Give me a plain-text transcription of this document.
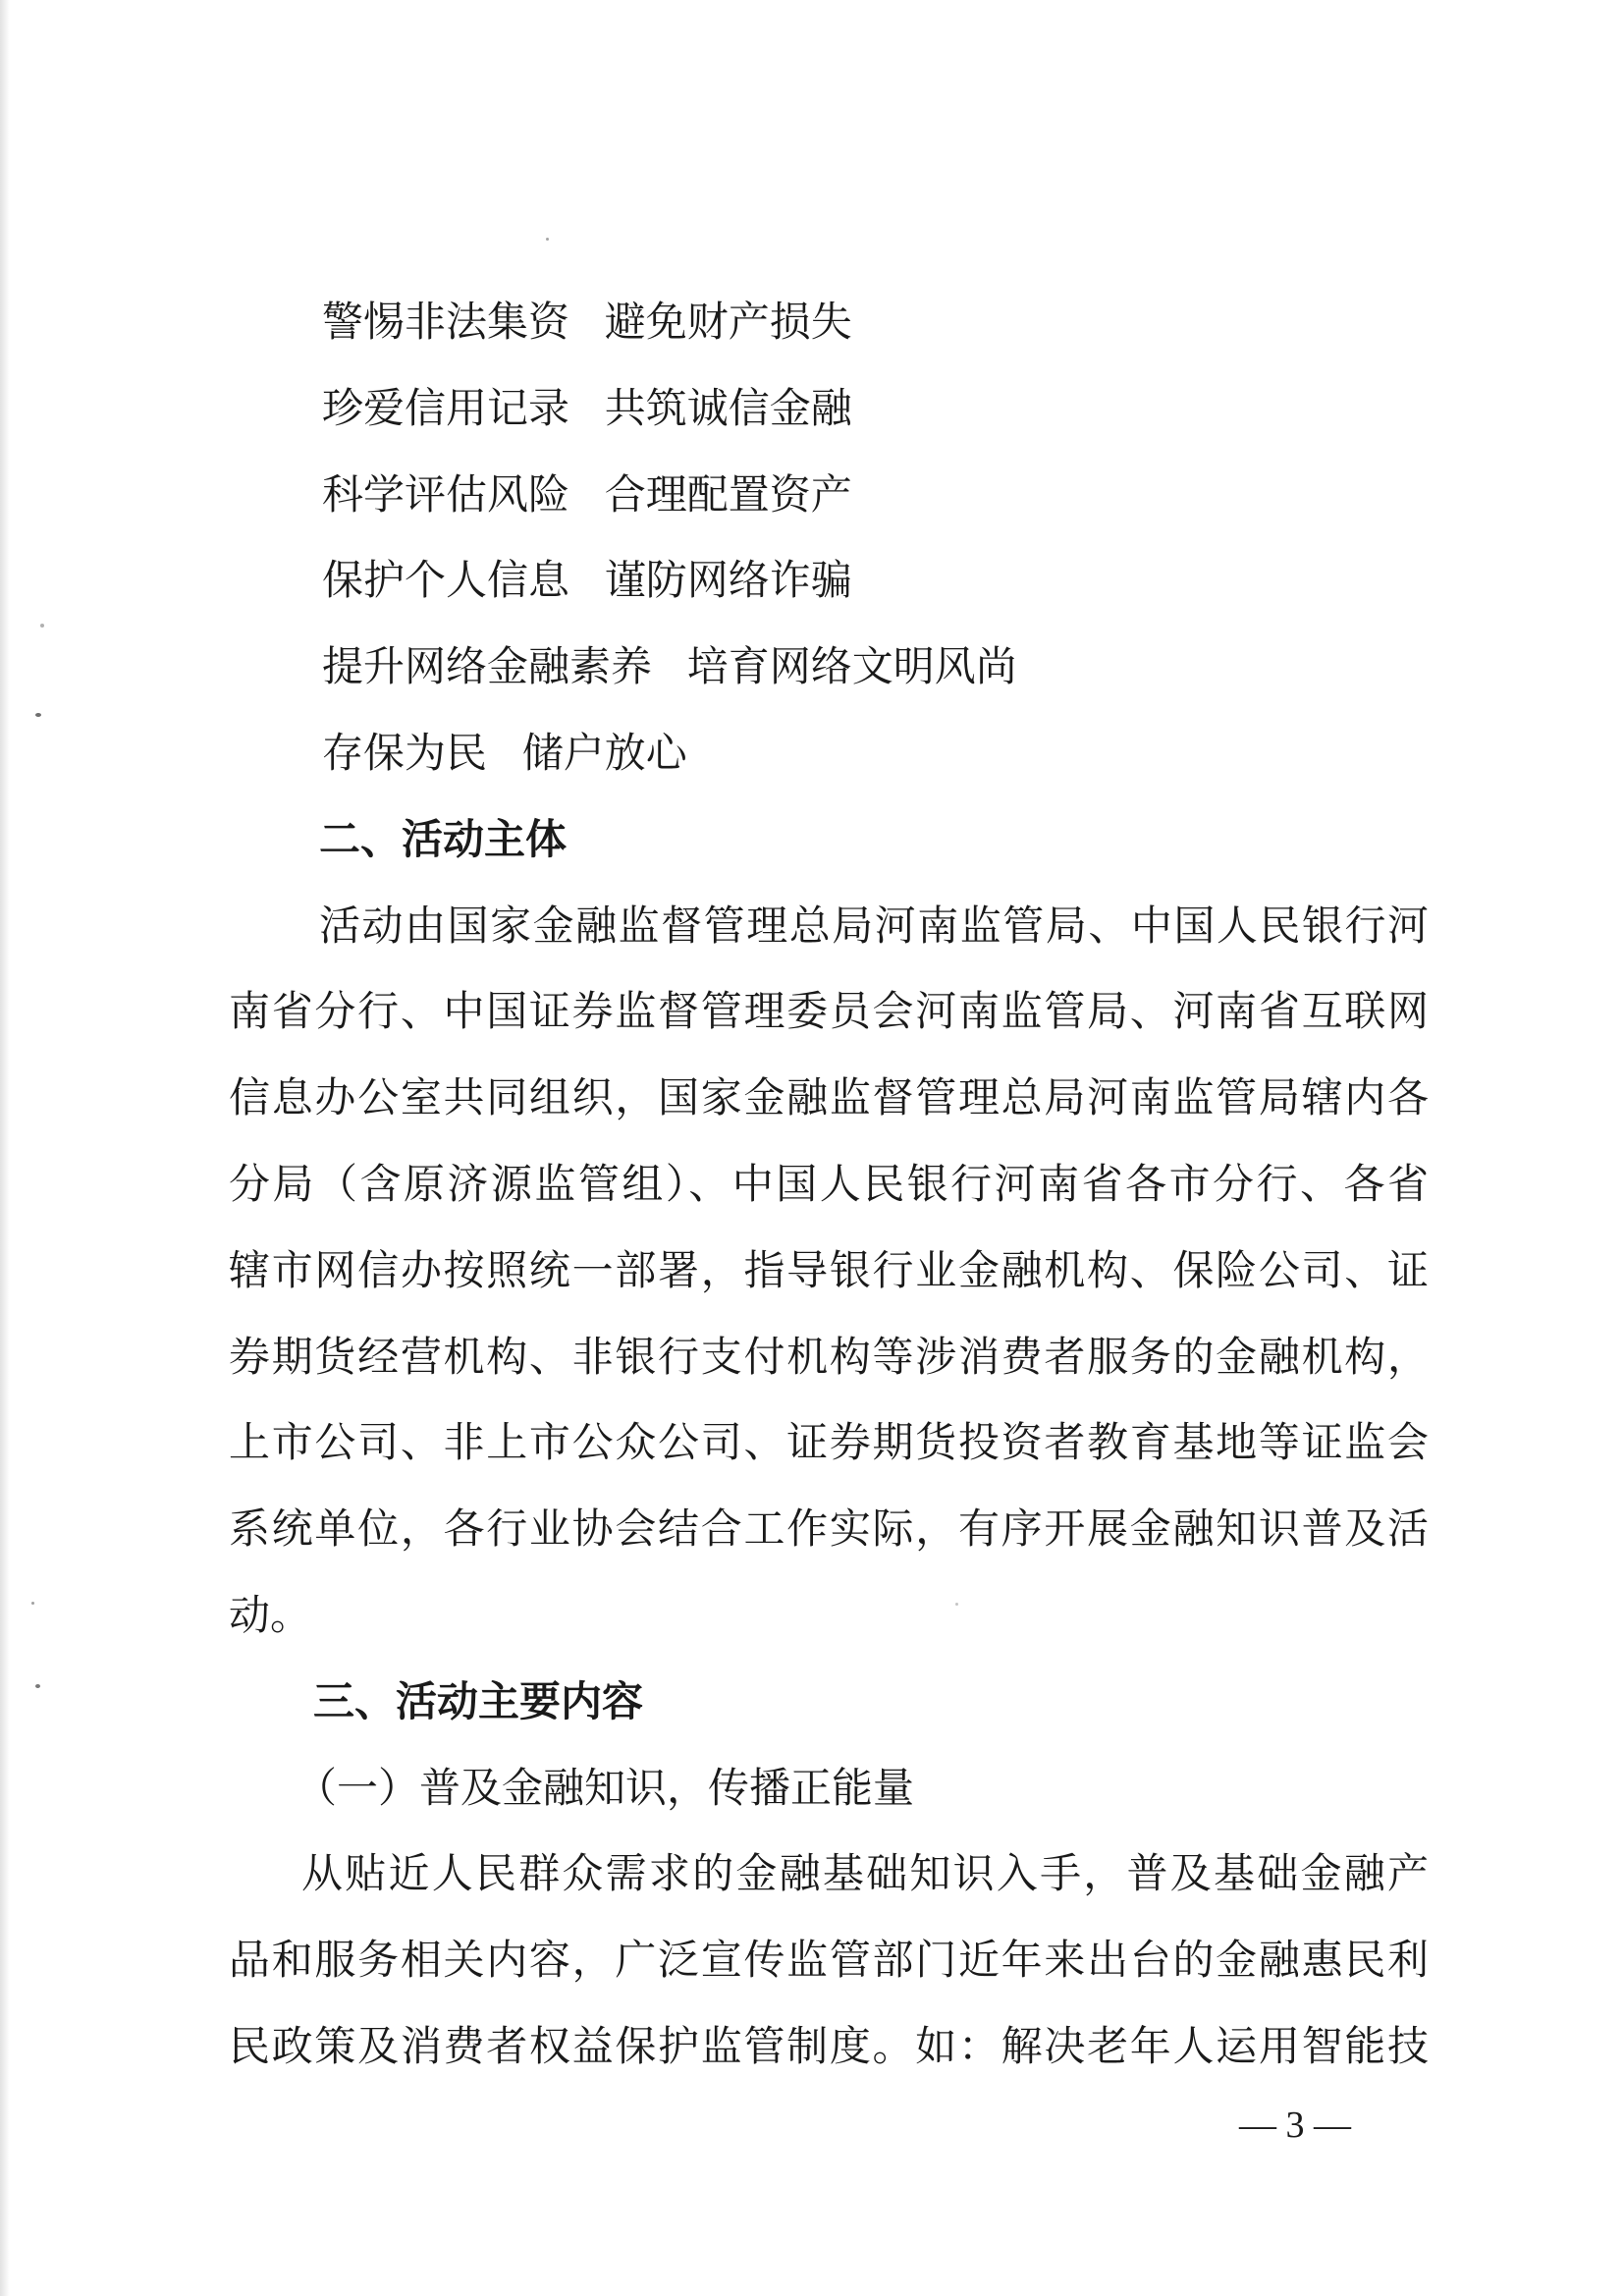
警惕非法集资 避免财产损失
珍爱信用记录 共筑诚信金融
科学评估风险 合理配置资产
保护个人信息 谨防网络诈骗
提升网络金融素养 培育网络文明风尚
存保为民 储户放心
二、活动主体
活动由国家金融监督管理总局河南监管局、中国人民银行河
南省分行、中国证券监督管理委员会河南监管局、河南省互联网
信息办公室共同组织，国家金融监督管理总局河南监管局辖内各
分局（含原济源监管组）、中国人民银行河南省各市分行、各省
辖市网信办按照统一部署，指导银行业金融机构、保险公司、证
券期货经营机构、非银行支付机构等涉消费者服务的金融机构，
上市公司、非上市公众公司、证券期货投资者教育基地等证监会
系统单位，各行业协会结合工作实际，有序开展金融知识普及活
动。
三、活动主要内容
（一）普及金融知识，传播正能量
从贴近人民群众需求的金融基础知识入手，普及基础金融产
品和服务相关内容，广泛宣传监管部门近年来出台的金融惠民利
民政策及消费者权益保护监管制度。如：解决老年人运用智能技
— 3 —
